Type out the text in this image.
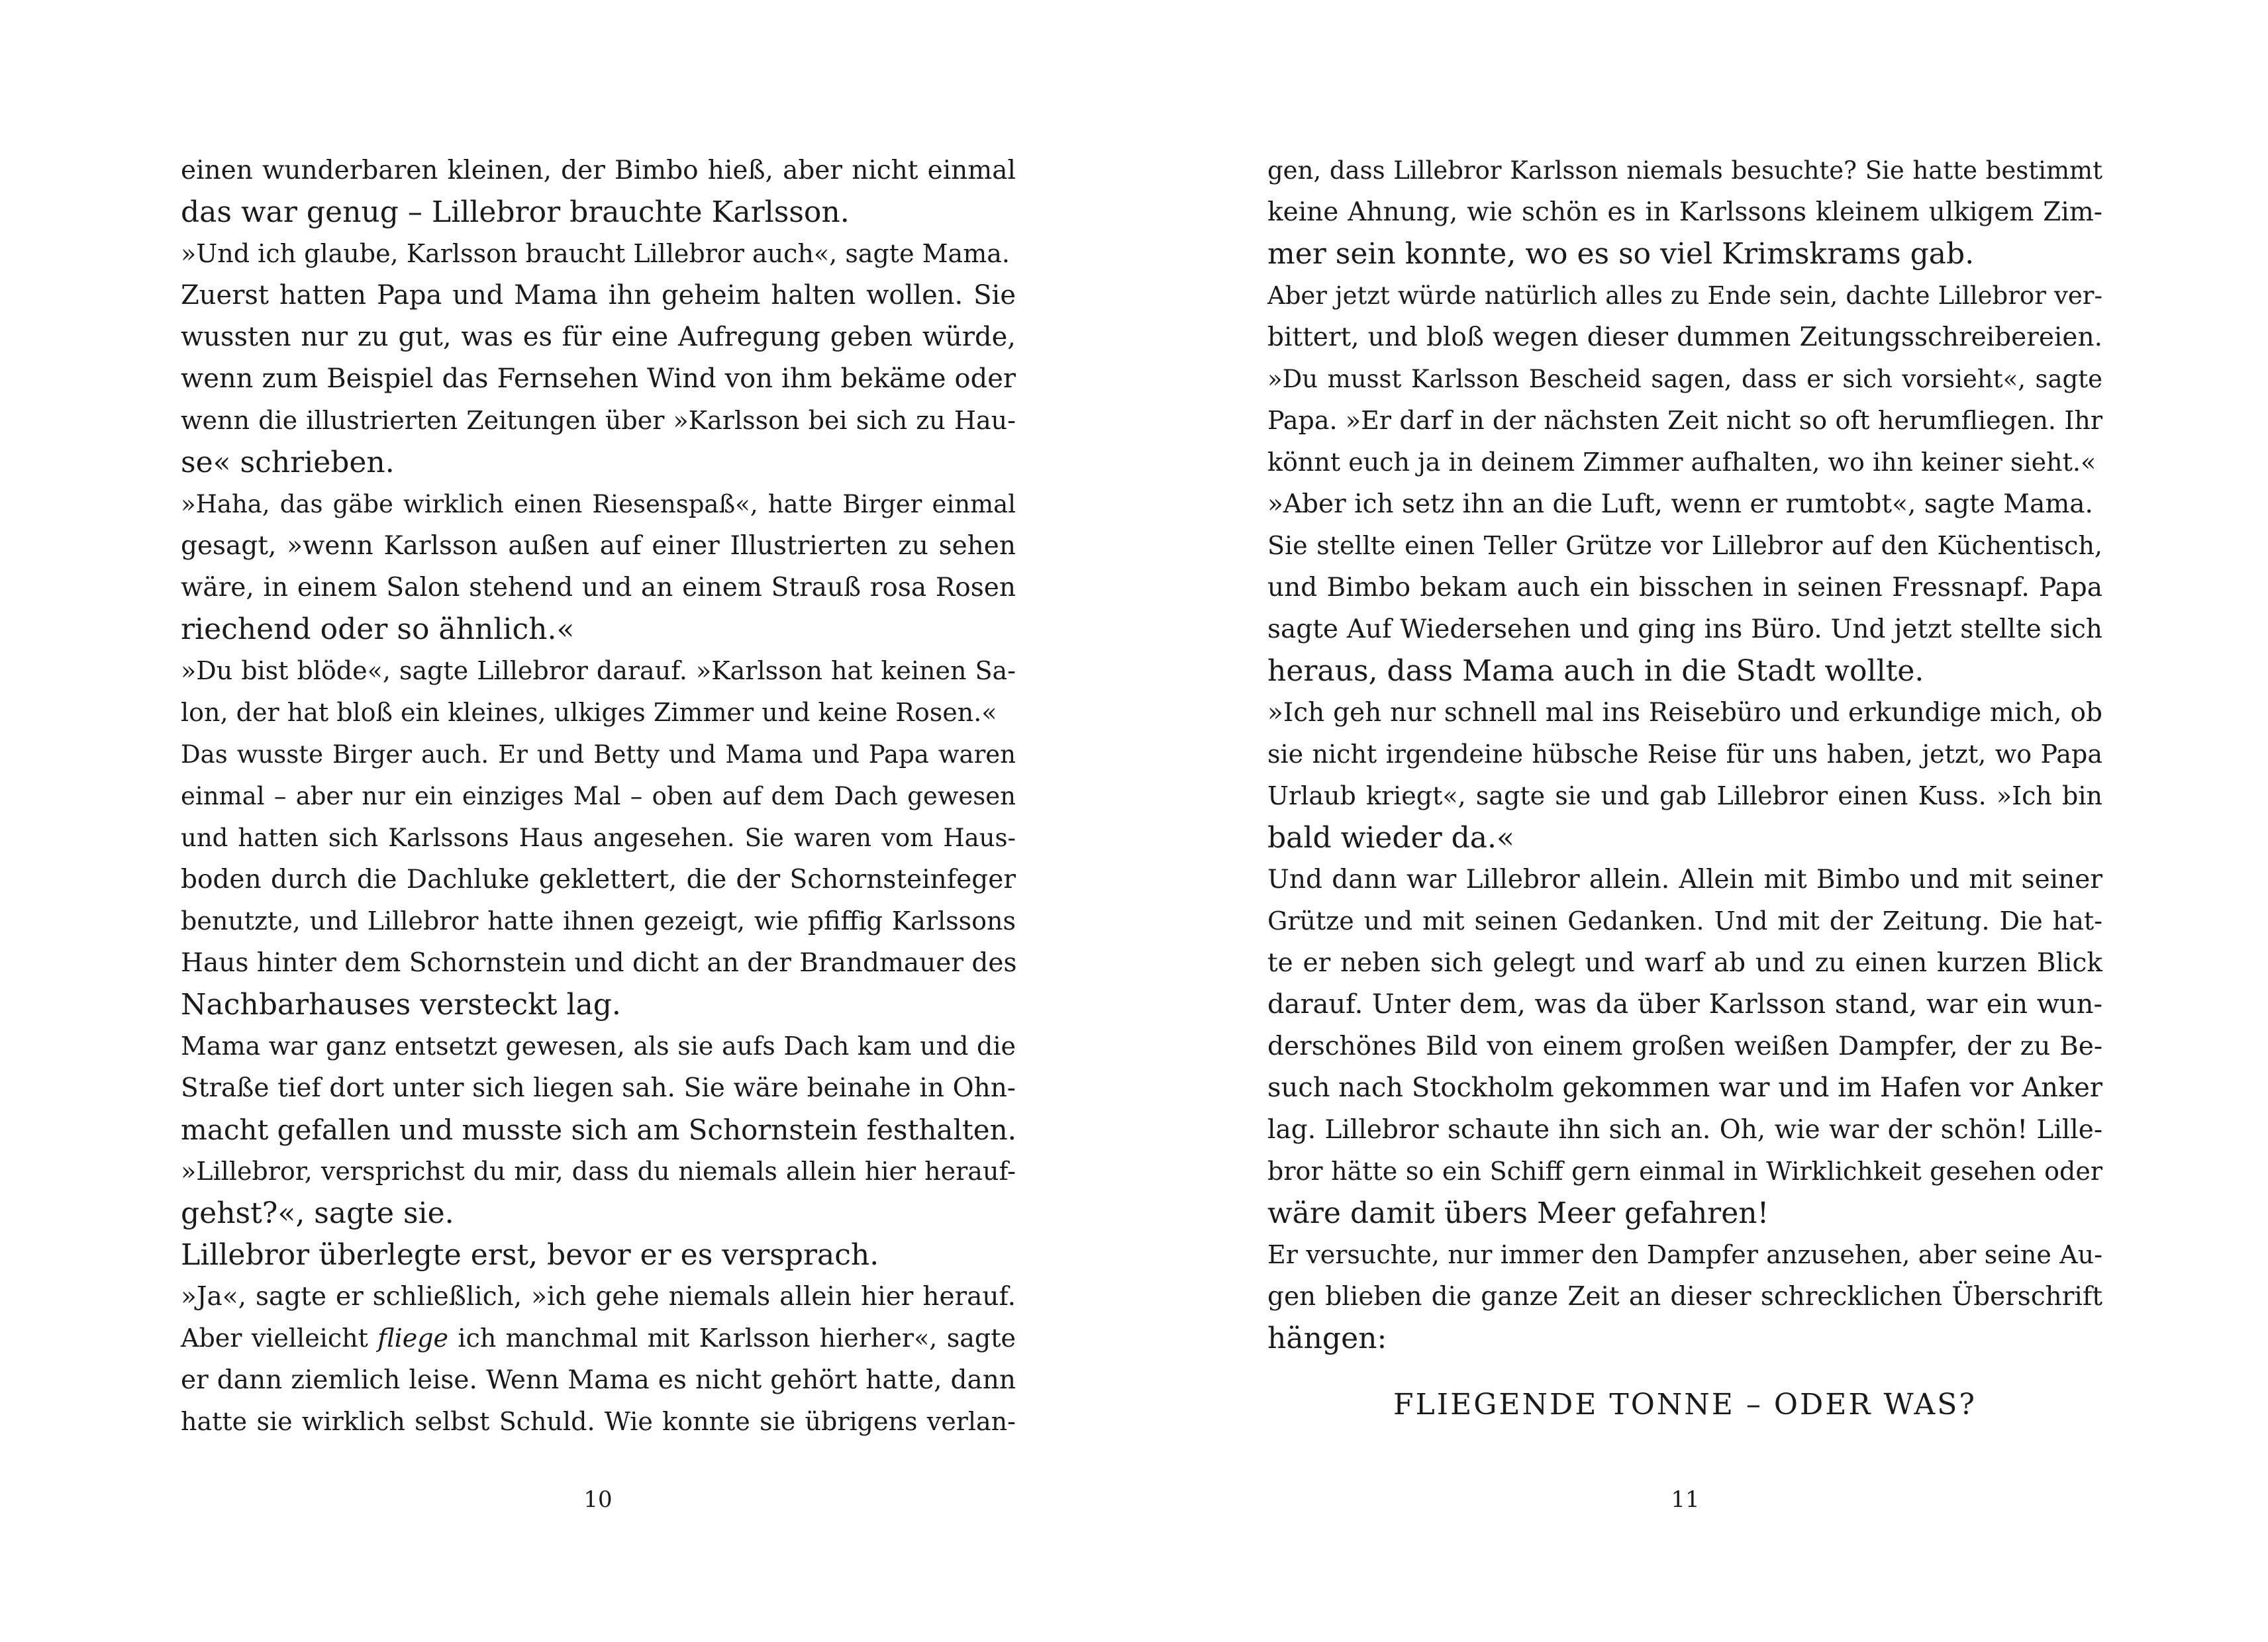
einen wunderbaren kleinen, der Bimbo hieß, aber nicht einmal
das war genug – Lillebror brauchte Karlsson.
»Und ich glaube, Karlsson braucht Lillebror auch«, sagte Mama.
Zuerst hatten Papa und Mama ihn geheim halten wollen. Sie
wussten nur zu gut, was es für eine Aufregung geben würde,
wenn zum Beispiel das Fernsehen Wind von ihm bekäme oder
wenn die illustrierten Zeitungen über »Karlsson bei sich zu Hau-
se« schrieben.
»Haha, das gäbe wirklich einen Riesenspaß«, hatte Birger einmal
gesagt, »wenn Karlsson außen auf einer Illustrierten zu sehen
wäre, in einem Salon stehend und an einem Strauß rosa Rosen
riechend oder so ähnlich.«
»Du bist blöde«, sagte Lillebror darauf. »Karlsson hat keinen Sa-
lon, der hat bloß ein kleines, ulkiges Zimmer und keine Rosen.«
Das wusste Birger auch. Er und Betty und Mama und Papa waren
einmal – aber nur ein einziges Mal – oben auf dem Dach gewesen
und hatten sich Karlssons Haus angesehen. Sie waren vom Haus-
boden durch die Dachluke geklettert, die der Schornsteinfeger
benutzte, und Lillebror hatte ihnen gezeigt, wie pfiffig Karlssons
Haus hinter dem Schornstein und dicht an der Brandmauer des
Nachbarhauses versteckt lag.
Mama war ganz entsetzt gewesen, als sie aufs Dach kam und die
Straße tief dort unter sich liegen sah. Sie wäre beinahe in Ohn-
macht gefallen und musste sich am Schornstein festhalten.
»Lillebror, versprichst du mir, dass du niemals allein hier herauf-
gehst?«, sagte sie.
Lillebror überlegte erst, bevor er es versprach.
»Ja«, sagte er schließlich, »ich gehe niemals allein hier herauf.
Aber vielleicht fliege ich manchmal mit Karlsson hierher«, sagte
er dann ziemlich leise. Wenn Mama es nicht gehört hatte, dann
hatte sie wirklich selbst Schuld. Wie konnte sie übrigens verlan-
10
gen, dass Lillebror Karlsson niemals besuchte? Sie hatte bestimmt
keine Ahnung, wie schön es in Karlssons kleinem ulkigem Zim-
mer sein konnte, wo es so viel Krimskrams gab.
Aber jetzt würde natürlich alles zu Ende sein, dachte Lillebror ver-
bittert, und bloß wegen dieser dummen Zeitungsschreibereien.
»Du musst Karlsson Bescheid sagen, dass er sich vorsieht«, sagte
Papa. »Er darf in der nächsten Zeit nicht so oft herumfliegen. Ihr
könnt euch ja in deinem Zimmer aufhalten, wo ihn keiner sieht.«
»Aber ich setz ihn an die Luft, wenn er rumtobt«, sagte Mama.
Sie stellte einen Teller Grütze vor Lillebror auf den Küchentisch,
und Bimbo bekam auch ein bisschen in seinen Fressnapf. Papa
sagte Auf Wiedersehen und ging ins Büro. Und jetzt stellte sich
heraus, dass Mama auch in die Stadt wollte.
»Ich geh nur schnell mal ins Reisebüro und erkundige mich, ob
sie nicht irgendeine hübsche Reise für uns haben, jetzt, wo Papa
Urlaub kriegt«, sagte sie und gab Lillebror einen Kuss. »Ich bin
bald wieder da.«
Und dann war Lillebror allein. Allein mit Bimbo und mit seiner
Grütze und mit seinen Gedanken. Und mit der Zeitung. Die hat-
te er neben sich gelegt und warf ab und zu einen kurzen Blick
darauf. Unter dem, was da über Karlsson stand, war ein wun-
derschönes Bild von einem großen weißen Dampfer, der zu Be-
such nach Stockholm gekommen war und im Hafen vor Anker
lag. Lillebror schaute ihn sich an. Oh, wie war der schön! Lille-
bror hätte so ein Schiff gern einmal in Wirklichkeit gesehen oder
wäre damit übers Meer gefahren!
Er versuchte, nur immer den Dampfer anzusehen, aber seine Au-
gen blieben die ganze Zeit an dieser schrecklichen Überschrift
hängen:
FLIEGENDE TONNE – ODER WAS?
11
